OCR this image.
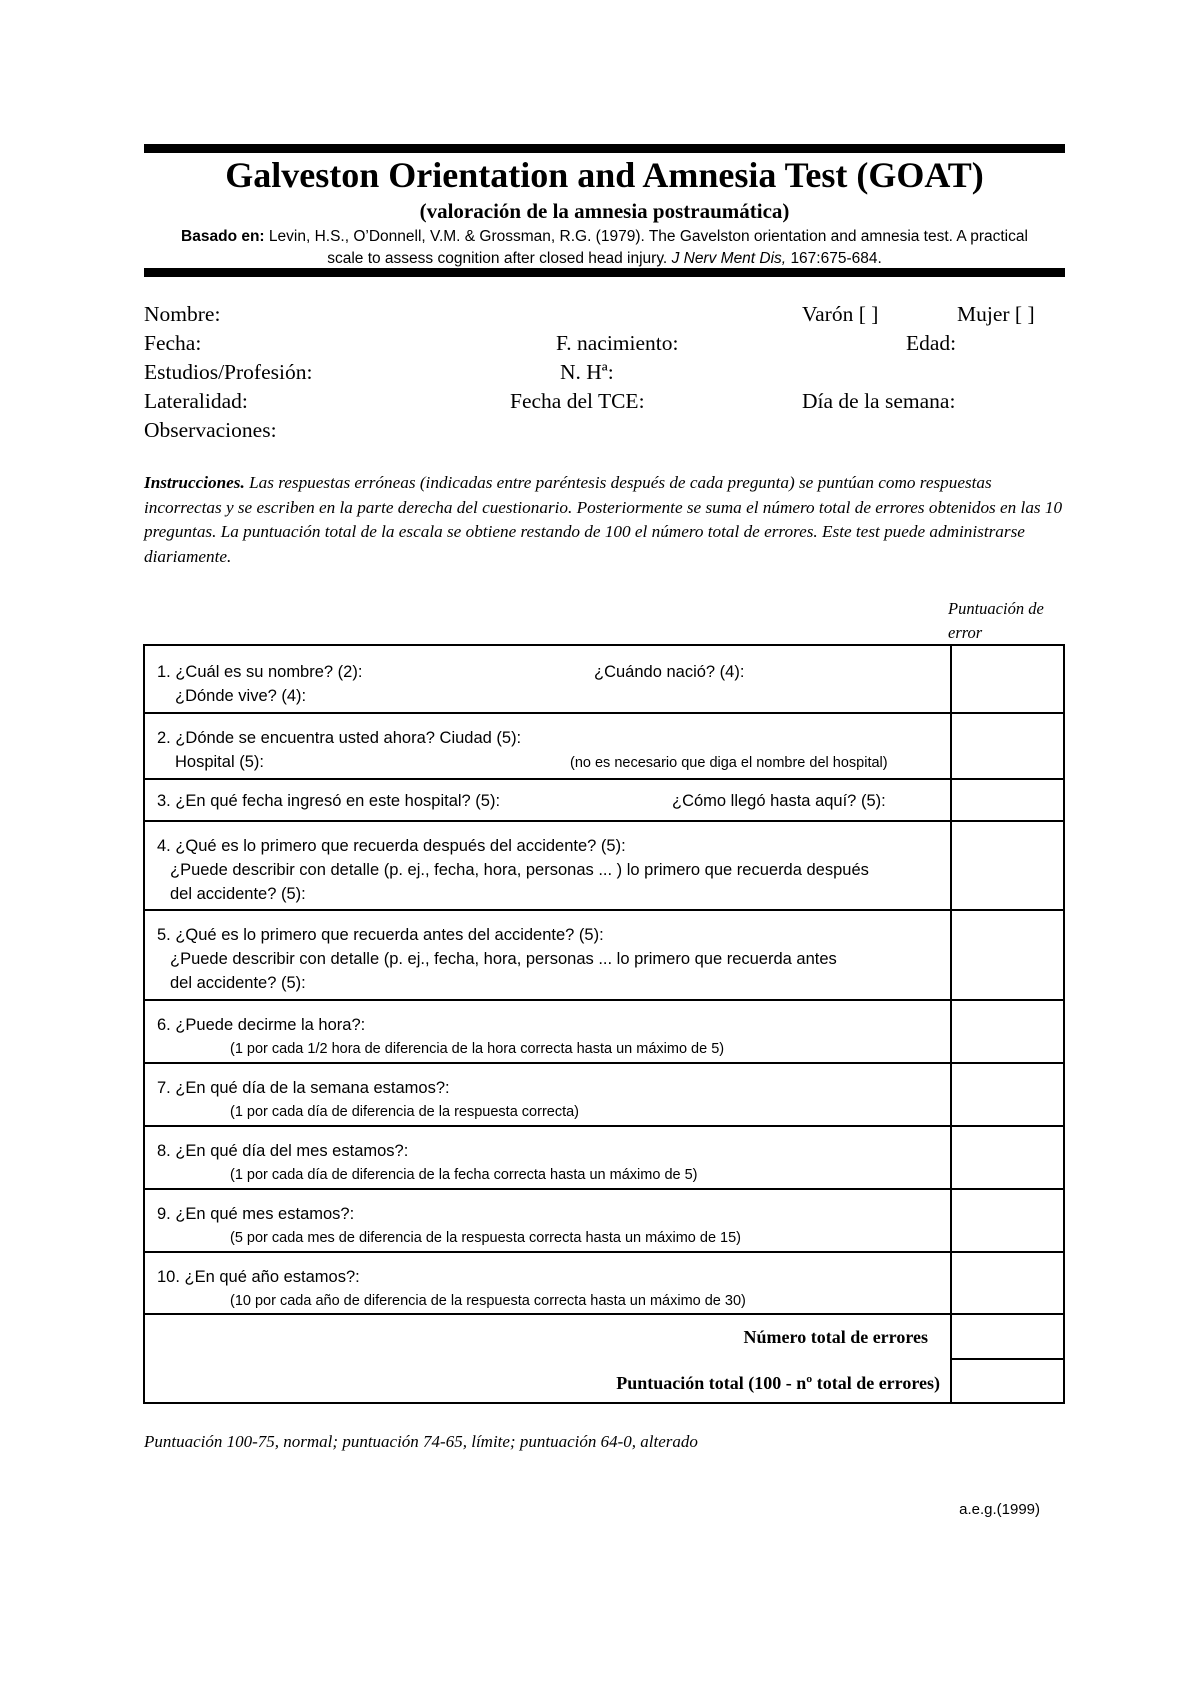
Galveston Orientation and Amnesia Test (GOAT)
(valoración de la amnesia postraumática)
Basado en: Levin, H.S., O’Donnell, V.M. & Grossman, R.G. (1979). The Gavelston orientation and amnesia test. A practical
scale to assess cognition after closed head injury. J Nerv Ment Dis, 167:675-684.
Nombre:	Varón [ ]	Mujer [ ]
Fecha:	F. nacimiento:	Edad:
Estudios/Profesión:	N. Hª:
Lateralidad:	Fecha del TCE:	Día de la semana:
Observaciones:
Instrucciones. Las respuestas erróneas (indicadas entre paréntesis después de cada pregunta) se puntúan como respuestas incorrectas y se escriben en la parte derecha del cuestionario. Posteriormente se suma el número total de errores obtenidos en las 10 preguntas. La puntuación total de la escala se obtiene restando de 100 el número total de errores. Este test puede administrarse diariamente.
Puntuación de
error
1. ¿Cuál es su nombre? (2):	¿Cuándo nació? (4):
¿Dónde vive? (4):
2. ¿Dónde se encuentra usted ahora? Ciudad (5):
Hospital (5):	(no es necesario que diga el nombre del hospital)
3. ¿En qué fecha ingresó en este hospital? (5):	¿Cómo llegó hasta aquí? (5):
4. ¿Qué es lo primero que recuerda después del accidente? (5):
¿Puede describir con detalle (p. ej., fecha, hora, personas ... ) lo primero que recuerda después
del accidente? (5):
5. ¿Qué es lo primero que recuerda antes del accidente? (5):
¿Puede describir con detalle (p. ej., fecha, hora, personas ... lo primero que recuerda antes
del accidente? (5):
6. ¿Puede decirme la hora?:
(1 por cada 1/2 hora de diferencia de la hora correcta hasta un máximo de 5)
7. ¿En qué día de la semana estamos?:
(1 por cada día de diferencia de la respuesta correcta)
8. ¿En qué día del mes estamos?:
(1 por cada día de diferencia de la fecha correcta hasta un máximo de 5)
9. ¿En qué mes estamos?:
(5 por cada mes de diferencia de la respuesta correcta hasta un máximo de 15)
10. ¿En qué año estamos?:
(10 por cada año de diferencia de la respuesta correcta hasta un máximo de 30)
Número total de errores
Puntuación total (100 - nº total de errores)
Puntuación 100-75, normal; puntuación 74-65, límite; puntuación 64-0, alterado
a.e.g.(1999)
